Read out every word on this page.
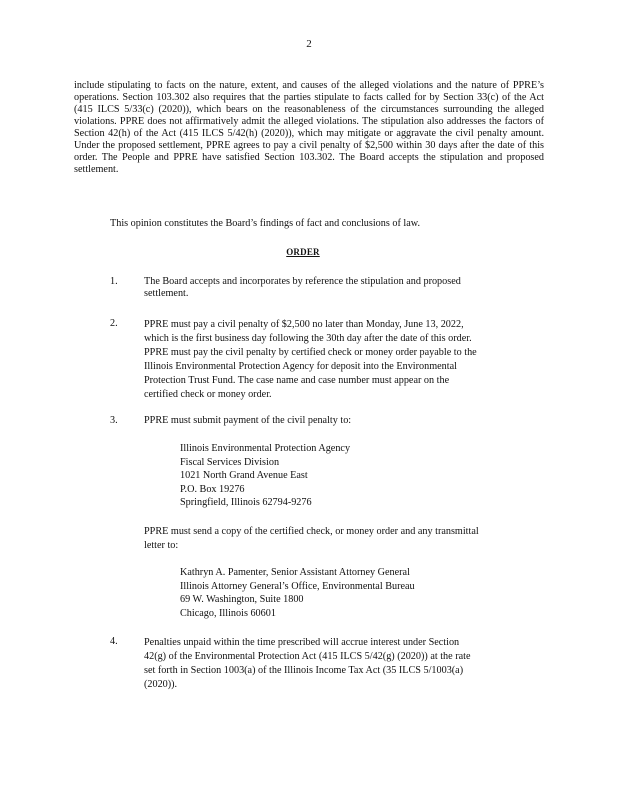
2
include stipulating to facts on the nature, extent, and causes of the alleged violations and the nature of PPRE’s operations. Section 103.302 also requires that the parties stipulate to facts called for by Section 33(c) of the Act (415 ILCS 5/33(c) (2020)), which bears on the reasonableness of the circumstances surrounding the alleged violations. PPRE does not affirmatively admit the alleged violations. The stipulation also addresses the factors of Section 42(h) of the Act (415 ILCS 5/42(h) (2020)), which may mitigate or aggravate the civil penalty amount. Under the proposed settlement, PPRE agrees to pay a civil penalty of $2,500 within 30 days after the date of this order. The People and PPRE have satisfied Section 103.302. The Board accepts the stipulation and proposed settlement.
This opinion constitutes the Board’s findings of fact and conclusions of law.
ORDER
1.	The Board accepts and incorporates by reference the stipulation and proposed
settlement.
2.	PPRE must pay a civil penalty of $2,500 no later than Monday, June 13, 2022,
which is the first business day following the 30th day after the date of this order.
PPRE must pay the civil penalty by certified check or money order payable to the
Illinois Environmental Protection Agency for deposit into the Environmental
Protection Trust Fund. The case name and case number must appear on the
certified check or money order.
3.	PPRE must submit payment of the civil penalty to:
Illinois Environmental Protection Agency
Fiscal Services Division
1021 North Grand Avenue East
P.O. Box 19276
Springfield, Illinois 62794-9276
PPRE must send a copy of the certified check, or money order and any transmittal
letter to:
Kathryn A. Pamenter, Senior Assistant Attorney General
Illinois Attorney General’s Office, Environmental Bureau
69 W. Washington, Suite 1800
Chicago, Illinois 60601
4.	Penalties unpaid within the time prescribed will accrue interest under Section
42(g) of the Environmental Protection Act (415 ILCS 5/42(g) (2020)) at the rate
set forth in Section 1003(a) of the Illinois Income Tax Act (35 ILCS 5/1003(a)
(2020)).
